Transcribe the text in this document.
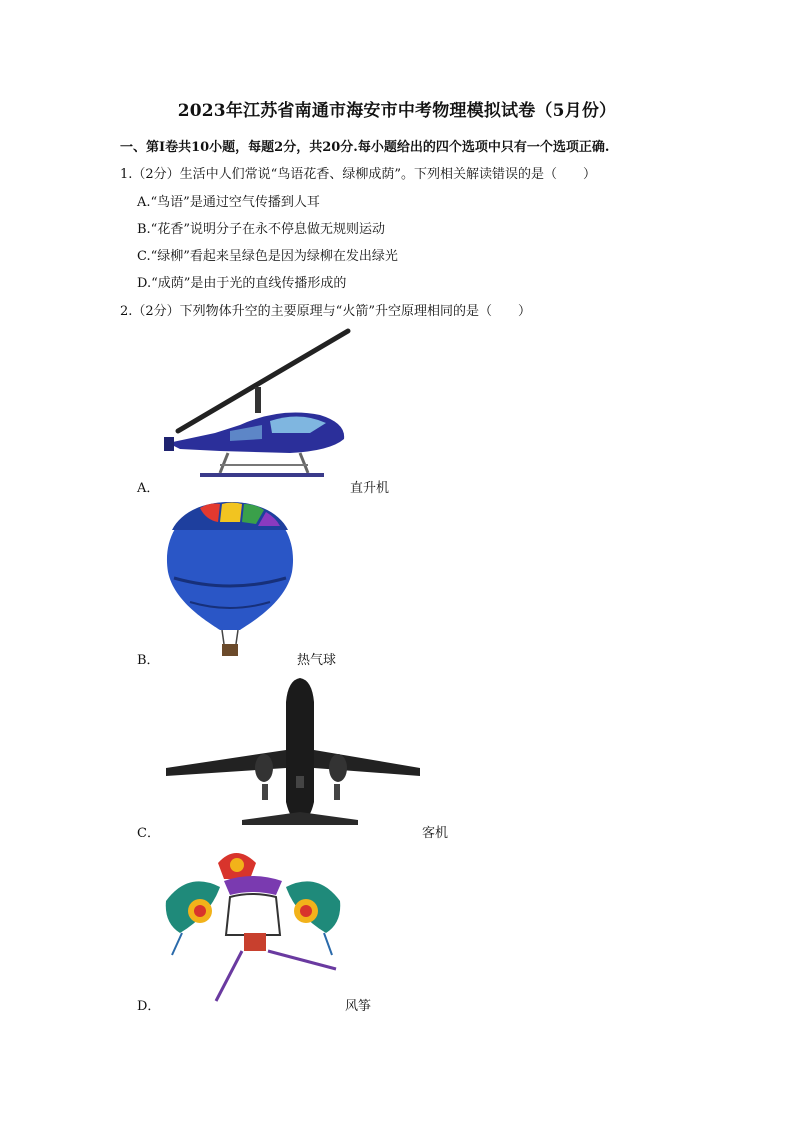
2023年江苏省南通市海安市中考物理模拟试卷（5月份）
一、第Ⅰ卷共10小题，每题2分，共20分.每小题给出的四个选项中只有一个选项正确.
1.（2分）生活中人们常说“鸟语花香、绿柳成荫”。下列相关解读错误的是（　　）
A.“鸟语”是通过空气传播到人耳
B.“花香”说明分子在永不停息做无规则运动
C.“绿柳”看起来呈绿色是因为绿柳在发出绿光
D.“成荫”是由于光的直线传播形成的
2.（2分）下列物体升空的主要原理与“火箭”升空原理相同的是（　　）
A．	直升机
B．	热气球
C．	客机
D．	风筝
